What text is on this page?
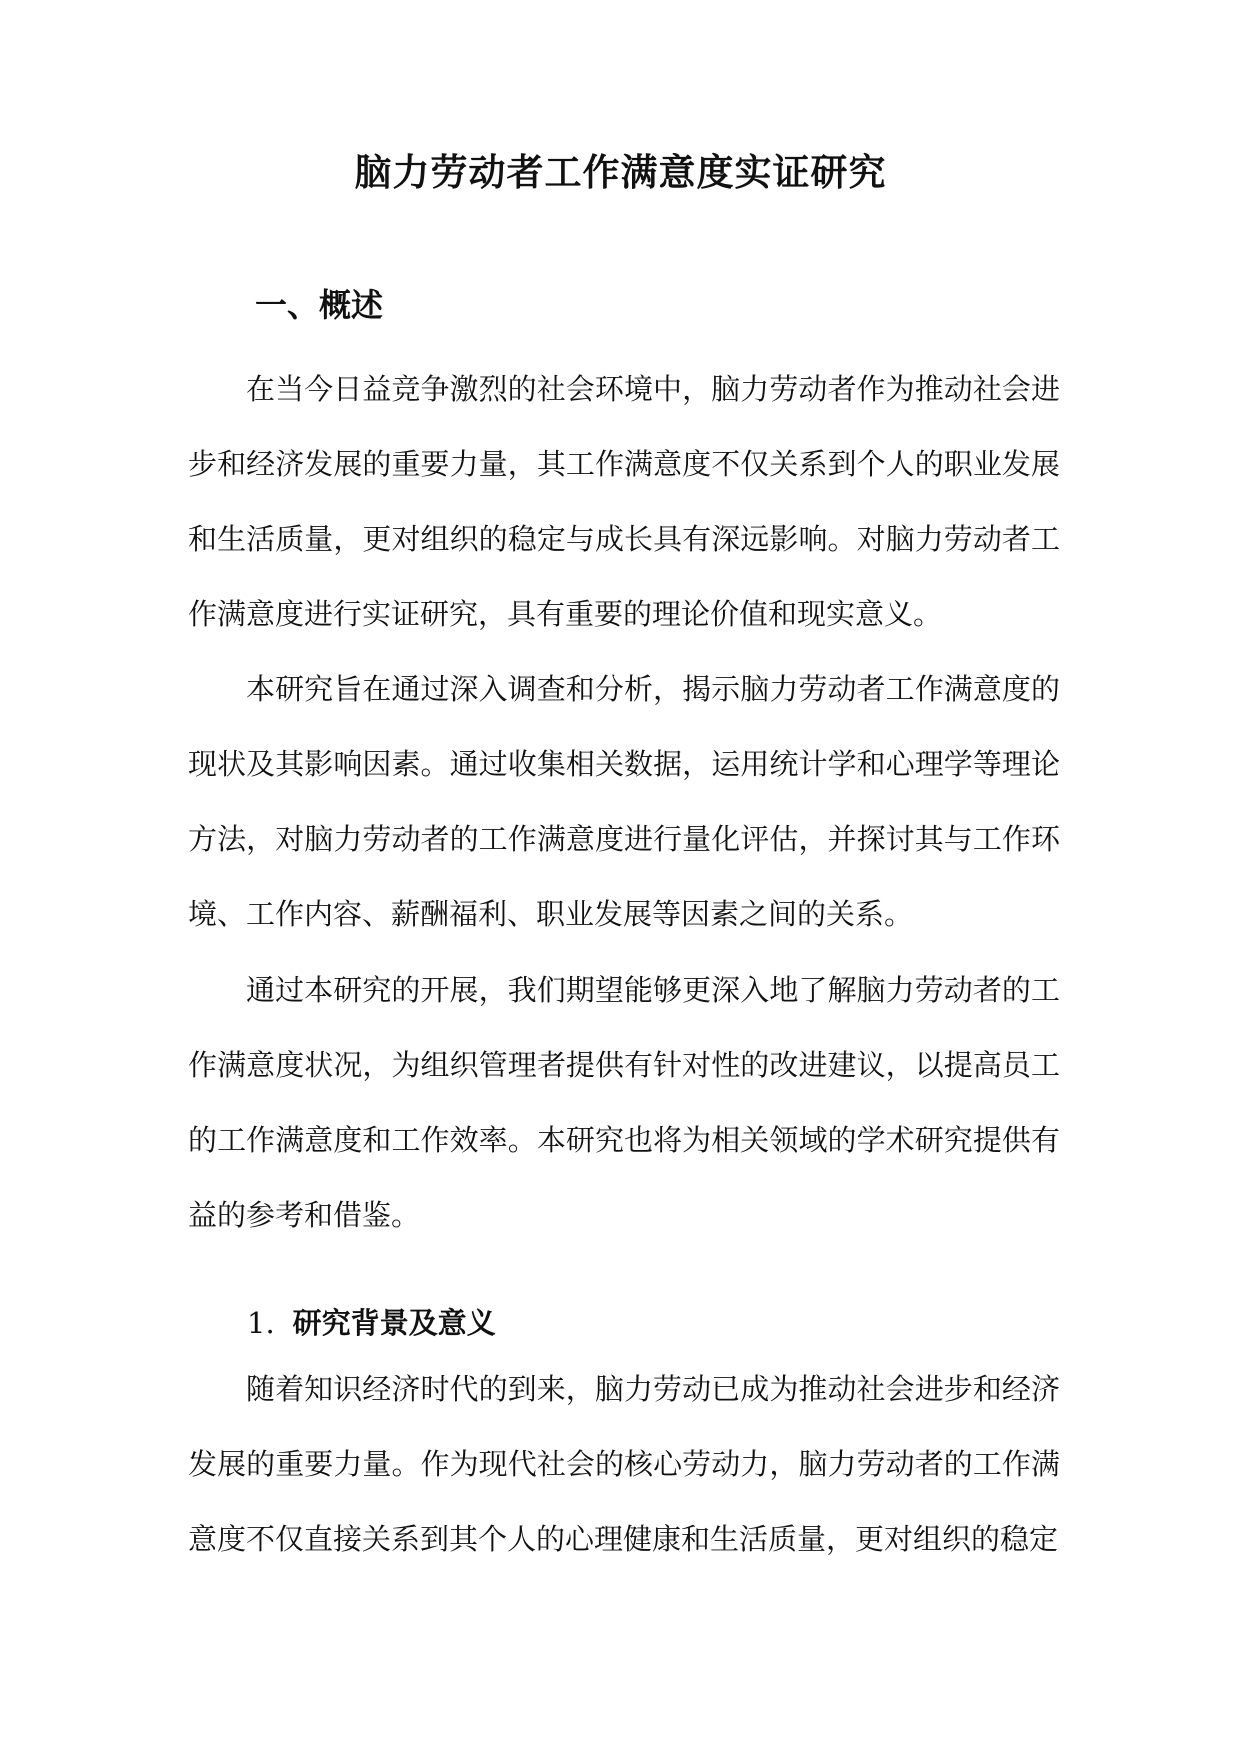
脑力劳动者工作满意度实证研究
一、概述

在当今日益竞争激烈的社会环境中，脑力劳动者作为推动社会进步和经济发展的重要力量，其工作满意度不仅关系到个人的职业发展和生活质量，更对组织的稳定与成长具有深远影响。对脑力劳动者工作满意度进行实证研究，具有重要的理论价值和现实意义。

本研究旨在通过深入调查和分析，揭示脑力劳动者工作满意度的现状及其影响因素。通过收集相关数据，运用统计学和心理学等理论方法，对脑力劳动者的工作满意度进行量化评估，并探讨其与工作环境、工作内容、薪酬福利、职业发展等因素之间的关系。

通过本研究的开展，我们期望能够更深入地了解脑力劳动者的工作满意度状况，为组织管理者提供有针对性的改进建议，以提高员工的工作满意度和工作效率。本研究也将为相关领域的学术研究提供有益的参考和借鉴。

1. 研究背景及意义

随着知识经济时代的到来，脑力劳动已成为推动社会进步和经济发展的重要力量。作为现代社会的核心劳动力，脑力劳动者的工作满意度不仅直接关系到其个人的心理健康和生活质量，更对组织的稳定
